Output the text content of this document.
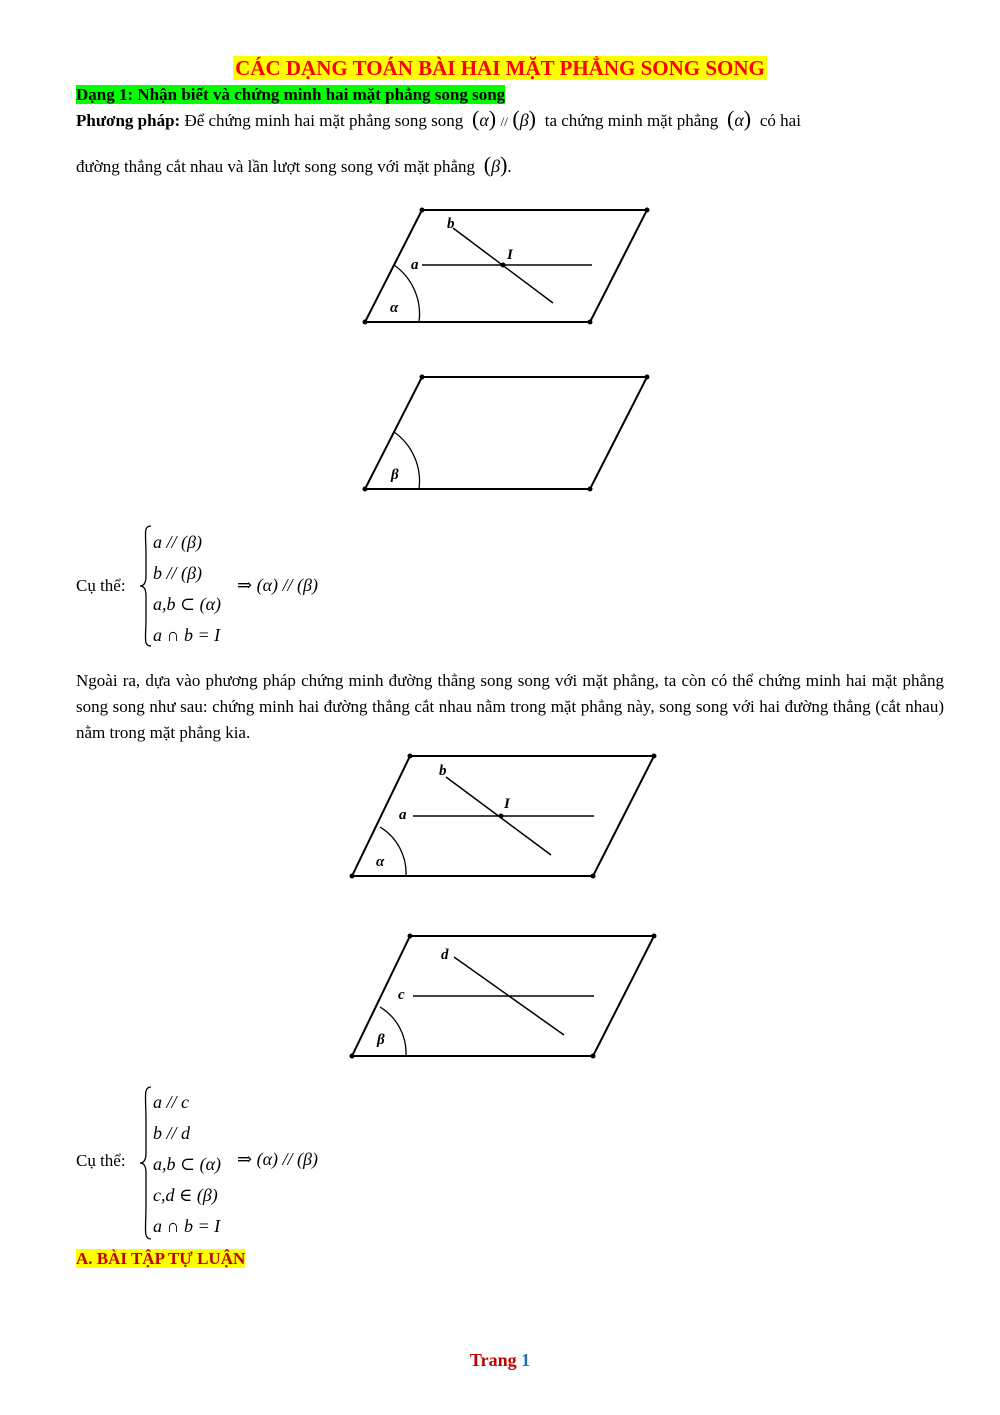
CÁC DẠNG TOÁN BÀI HAI MẶT PHẲNG SONG SONG
Dạng 1: Nhận biết và chứng minh hai mặt phẳng song song
Phương pháp: Để chứng minh hai mặt phẳng song song (α) // (β) ta chứng minh mặt phẳng (α) có hai
đường thẳng cắt nhau và lần lượt song song với mặt phẳng (β).
b
a
I
α
β
Cụ thể:
a // (β)
b // (β)
a,b ⊂ (α)
a ∩ b = I
⇒ (α) // (β)
Ngoài ra, dựa vào phương pháp chứng minh đường thẳng song song với mặt phẳng, ta còn có thể chứng minh hai mặt phẳng song song như sau: chứng minh hai đường thẳng cắt nhau nằm trong mặt phẳng này, song song với hai đường thẳng (cắt nhau) nằm trong mặt phẳng kia.
b
a
I
α
d
c
β
Cụ thể:
a // c
b // d
a,b ⊂ (α)
c,d ∈ (β)
a ∩ b = I
⇒ (α) // (β)
A. BÀI TẬP TỰ LUẬN
Trang 1
